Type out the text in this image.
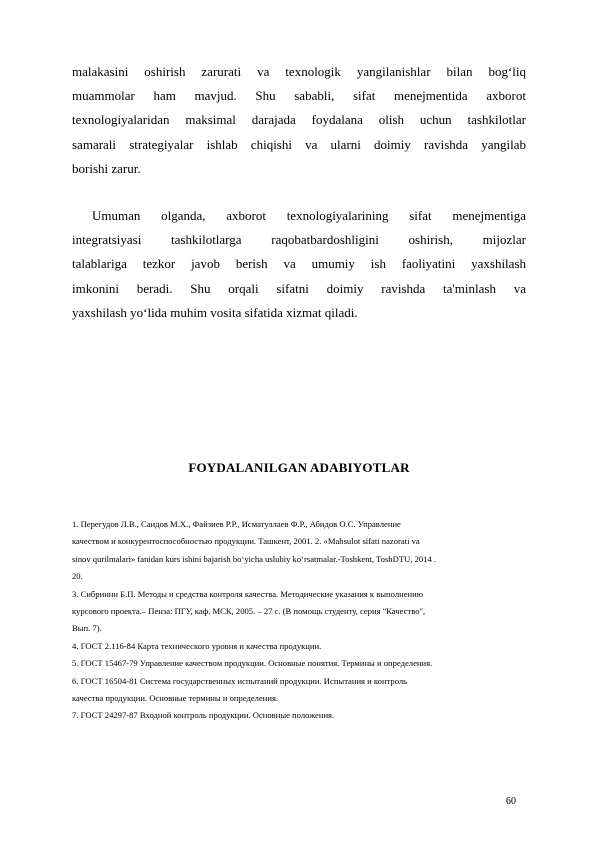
malakasini oshirish zarurati va texnologik yangilanishlar bilan bog‘liq
muammolar ham mavjud. Shu sababli, sifat menejmentida axborot
texnologiyalaridan maksimal darajada foydalana olish uchun tashkilotlar
samarali strategiyalar ishlab chiqishi va ularni doimiy ravishda yangilab
borishi zarur.
Umuman olganda, axborot texnologiyalarining sifat menejmentiga
integratsiyasi tashkilotlarga raqobatbardoshligini oshirish, mijozlar
talablariga tezkor javob berish va umumiy ish faoliyatini yaxshilash
imkonini beradi. Shu orqali sifatni doimiy ravishda ta'minlash va
yaxshilash yo‘lida muhim vosita sifatida xizmat qiladi.
FOYDALANILGAN ADABIYOTLAR
1. Перегудов Л.В., Саидов М.Х., Файзиев Р.Р., Исматуллаев Ф.Р., Абидов О.С. Управление
качеством и конкурентоспособностью продукции. Ташкент, 2001. 2. «Mahsulot sifati nazorati va
sinov qurilmalari» fanidan kurs ishini bajarish bo‘yicha uslubiy ko‘rsatmalar.-Toshkent, ToshDTU, 2014 .
20.
3. Сибриннн Б.П. Методы и средства контроля качества. Методические указания к выполнению
курсового проекта.– Пенза: ПГУ, каф. МСК, 2005. – 27 с. (В помощь студенту, серия "Качество",
Вып. 7).
4. ГОСТ 2.116-84 Карта технического уровня и качества продукции.
5. ГОСТ 15467-79 Управление качеством продукции. Основные понятия. Термины и определения.
6. ГОСТ 16504-81 Система государственных испытаний продукции. Испытания и контроль
качества продукции. Основные термины и определения.
7. ГОСТ 24297-87 Входной контроль продукции. Основные положения.
60
